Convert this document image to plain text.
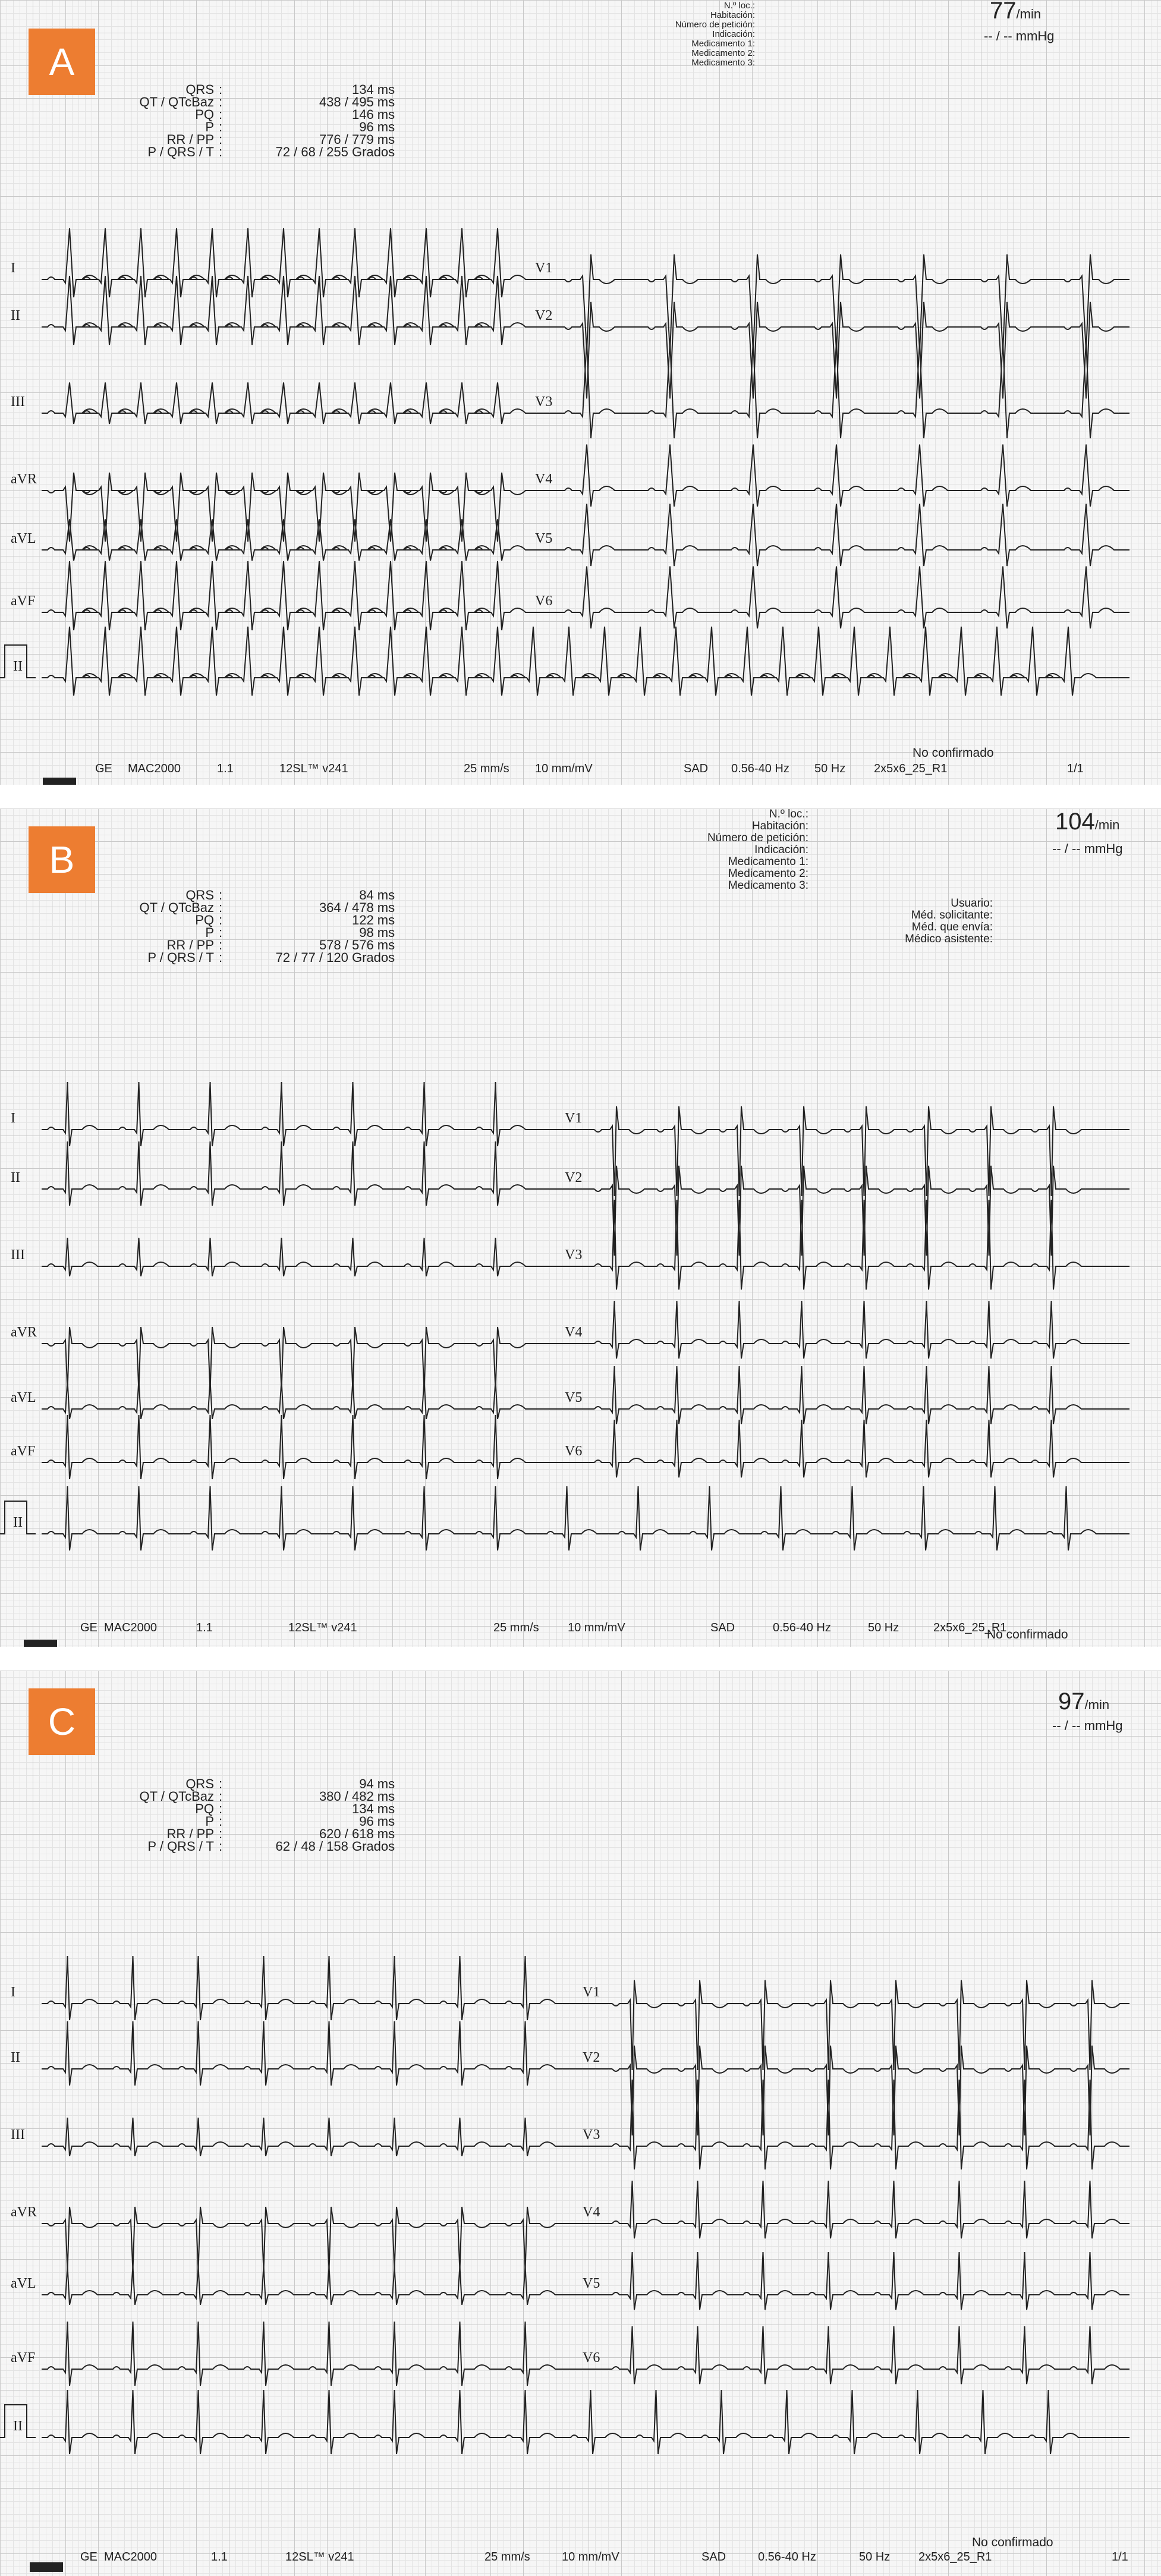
A
QRS :	134 ms
QT / QTcBaz :	438 / 495 ms
PQ :	146 ms
P :	96 ms
RR / PP :	776 / 779 ms
P / QRS / T :	72 / 68 / 255 Grados
N.º loc.:
Habitación:
Número de petición:
Indicación:
Medicamento 1:
Medicamento 2:
Medicamento 3:
77/min
-- / -- mmHg
I	V1
II	V2
III	V3
aVR	V4
aVL	V5
aVF	V6
II
No confirmado
GE MAC2000	1.1	12SL™ v241	25 mm/s 10 mm/mV	SAD 0.56-40 Hz 50 Hz 2x5x6_25_R1	1/1
B
QRS :	84 ms
QT / QTcBaz :	364 / 478 ms
PQ :	122 ms
P :	98 ms
RR / PP :	578 / 576 ms
P / QRS / T :	72 / 77 / 120 Grados
N.º loc.:
Habitación:
Número de petición:
Indicación:
Medicamento 1:
Medicamento 2:
Medicamento 3:
Usuario:
Méd. solicitante:
Méd. que envía:
Médico asistente:
104/min
-- / -- mmHg
I	V1
II	V2
III	V3
aVR	V4
aVL	V5
aVF	V6
II
No confirmado
GE MAC2000	1.1	12SL™ v241	25 mm/s 10 mm/mV	SAD	0.56-40 Hz	50 Hz	2x5x6_25_R1
C
QRS :	94 ms
QT / QTcBaz :	380 / 482 ms
PQ :	134 ms
P :	96 ms
RR / PP :	620 / 618 ms
P / QRS / T :	62 / 48 / 158 Grados
97/min
-- / -- mmHg
I	V1
II	V2
III	V3
aVR	V4
aVL	V5
aVF	V6
II
No confirmado
GE MAC2000	1.1	12SL™ v241	25 mm/s	10 mm/mV	SAD	0.56-40 Hz	50 Hz 2x5x6_25_R1	1/1
